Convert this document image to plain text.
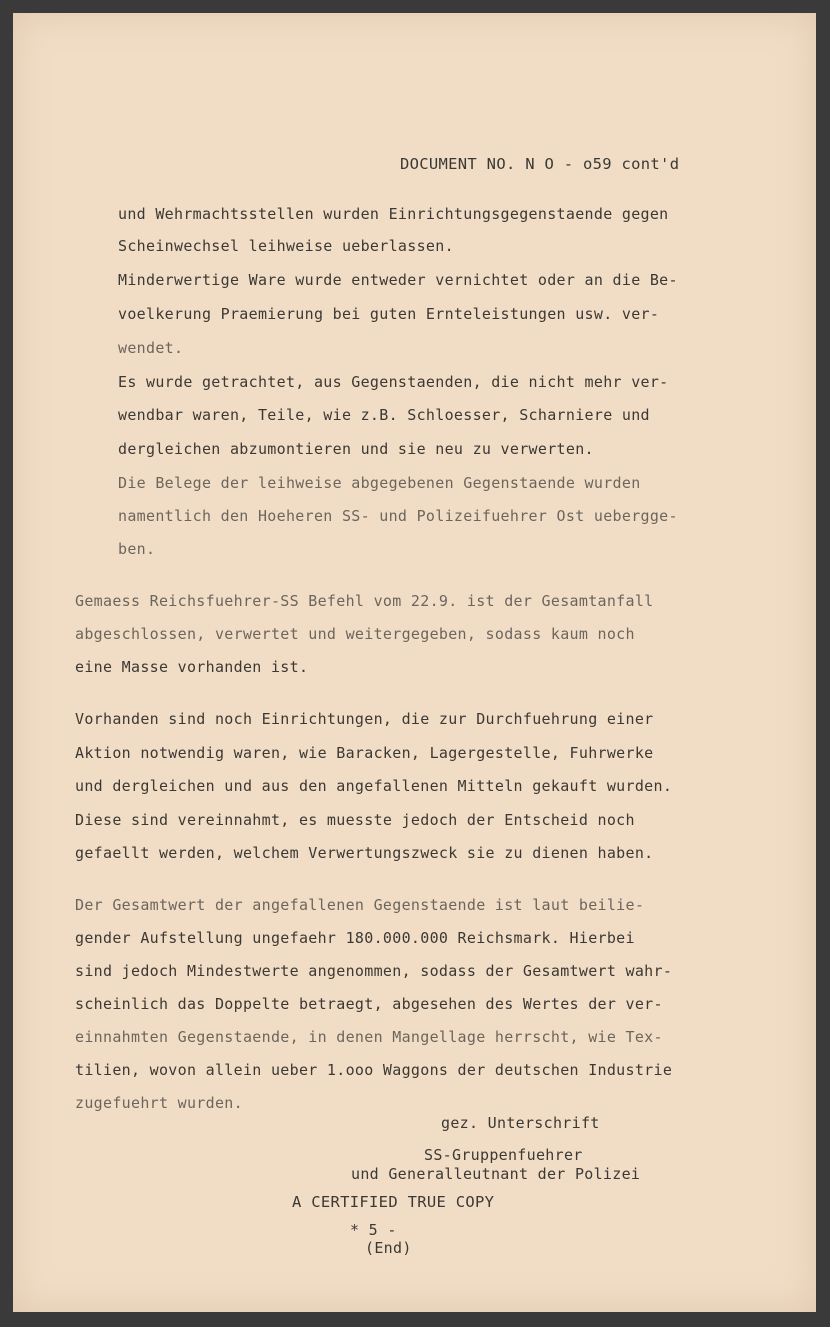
DOCUMENT NO. N O - o59 cont'd

und Wehrmachtsstellen wurden Einrichtungsgegenstaende gegen

Scheinwechsel leihweise ueberlassen.

Minderwertige Ware wurde entweder vernichtet oder an die Be-

voelkerung Praemierung bei guten Ernteleistungen usw. ver-

wendet.

Es wurde getrachtet, aus Gegenstaenden, die nicht mehr ver-

wendbar waren, Teile, wie z.B. Schloesser, Scharniere und

dergleichen abzumontieren und sie neu zu verwerten.

Die Belege der leihweise abgegebenen Gegenstaende wurden

namentlich den Hoeheren SS- und Polizeifuehrer Ost uebergge-

ben.

Gemaess Reichsfuehrer-SS Befehl vom 22.9. ist der Gesamtanfall

abgeschlossen, verwertet und weitergegeben, sodass kaum noch

eine Masse vorhanden ist.

Vorhanden sind noch Einrichtungen, die zur Durchfuehrung einer

Aktion notwendig waren, wie Baracken, Lagergestelle, Fuhrwerke

und dergleichen und aus den angefallenen Mitteln gekauft wurden.

Diese sind vereinnahmt, es muesste jedoch der Entscheid noch

gefaellt werden, welchem Verwertungszweck sie zu dienen haben.

Der Gesamtwert der angefallenen Gegenstaende ist laut beilie-

gender Aufstellung ungefaehr 180.000.000 Reichsmark. Hierbei

sind jedoch Mindestwerte angenommen, sodass der Gesamtwert wahr-

scheinlich das Doppelte betraegt, abgesehen des Wertes der ver-

einnahmten Gegenstaende, in denen Mangellage herrscht, wie Tex-

tilien, wovon allein ueber 1.ooo Waggons der deutschen Industrie

zugefuehrt wurden.

gez. Unterschrift

SS-Gruppenfuehrer

und Generalleutnant der Polizei

A CERTIFIED TRUE COPY

* 5 -

(End)
